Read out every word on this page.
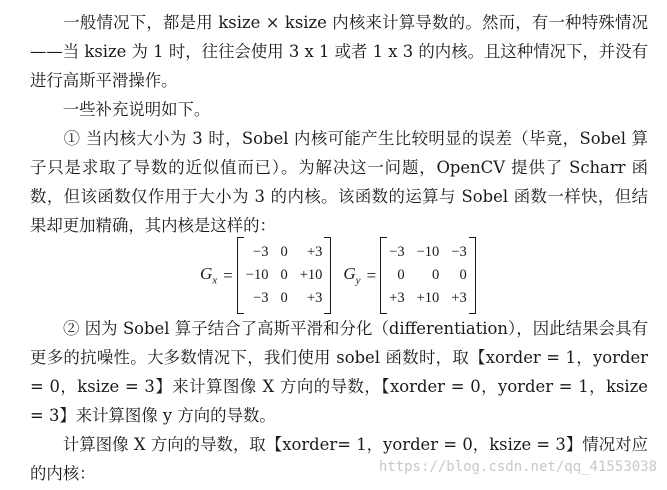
　　一般情况下，都是用 ksize × ksize 内核来计算导数的。然而，有一种特殊情况——当 ksize 为 1 时，往往会使用 3 x 1 或者 1 x 3 的内核。且这种情况下，并没有进行高斯平滑操作。

　　一些补充说明如下。

　　① 当内核大小为 3 时，Sobel 内核可能产生比较明显的误差（毕竟，Sobel 算子只是求取了导数的近似值而已）。为解决这一问题，OpenCV 提供了 Scharr 函数，但该函数仅作用于大小为 3 的内核。该函数的运算与 Sobel 函数一样快，但结果却更加精确，其内核是这样的：

$G_x$ =
−3	0	+3
−10	0	+10
−3	0	+3
$G_y$ =
−3	−10	−3
0	0	0
+3	+10	+3

　　② 因为 Sobel 算子结合了高斯平滑和分化（differentiation），因此结果会具有更多的抗噪性。大多数情况下，我们使用 sobel 函数时，取【xorder = 1，yorder = 0，ksize = 3】来计算图像 X 方向的导数，【xorder = 0，yorder = 1，ksize = 3】来计算图像 y 方向的导数。

　　计算图像 X 方向的导数，取【xorder= 1，yorder = 0，ksize = 3】情况对应的内核：	https://blog.csdn.net/qq_41553038
